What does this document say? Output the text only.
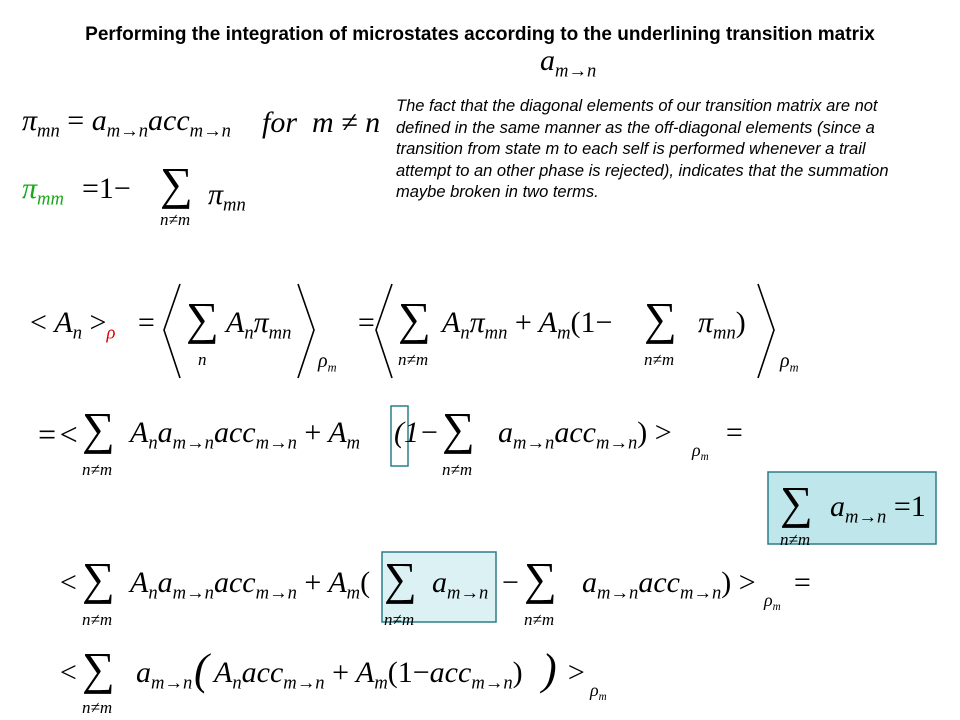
Performing the integration of microstates according to the underlining transition matrix
$a_{m\to n}$
$\pi_{mn} = a_{m\to n}acc_{m\to n}$ for m ≠ n
$\pi_{mm} =1-$ ∑
n≠m
$\pi_{mn}$
The fact that the diagonal elements of our transition matrix are not defined in the same manner as the off-diagonal elements (since a transition from state m to each self is performed whenever a trail attempt to an other phase is rejected), indicates that the summation maybe broken in two terms.
< $A_n >_\rho$ = ∑
n
$A_n\pi_{mn}$
$\rho_m$
= ∑
n≠m
$A_n\pi_{mn} + A_m(1-$ ∑
n≠m
$\pi_{mn}$)
$\rho_m$
=< ∑
n≠m
$A_na_{m\to n}acc_{m\to n} + A_m$ (1− ∑
n≠m
$a_{m\to n}acc_{m\to n}$) >
$\rho_m$
=
∑
n≠m
$a_{m\to n} =1$
< ∑
n≠m
$A_na_{m\to n}acc_{m\to n} + A_m$( ∑
n≠m
$a_{m\to n}$ − ∑
n≠m
$a_{m\to n}acc_{m\to n}$) >
$\rho_m$
=
< ∑
n≠m
$a_{m\to n}$ ( $A_nacc_{m\to n} + A_m(1-acc_{m\to n})$ ) >
$\rho_m$
